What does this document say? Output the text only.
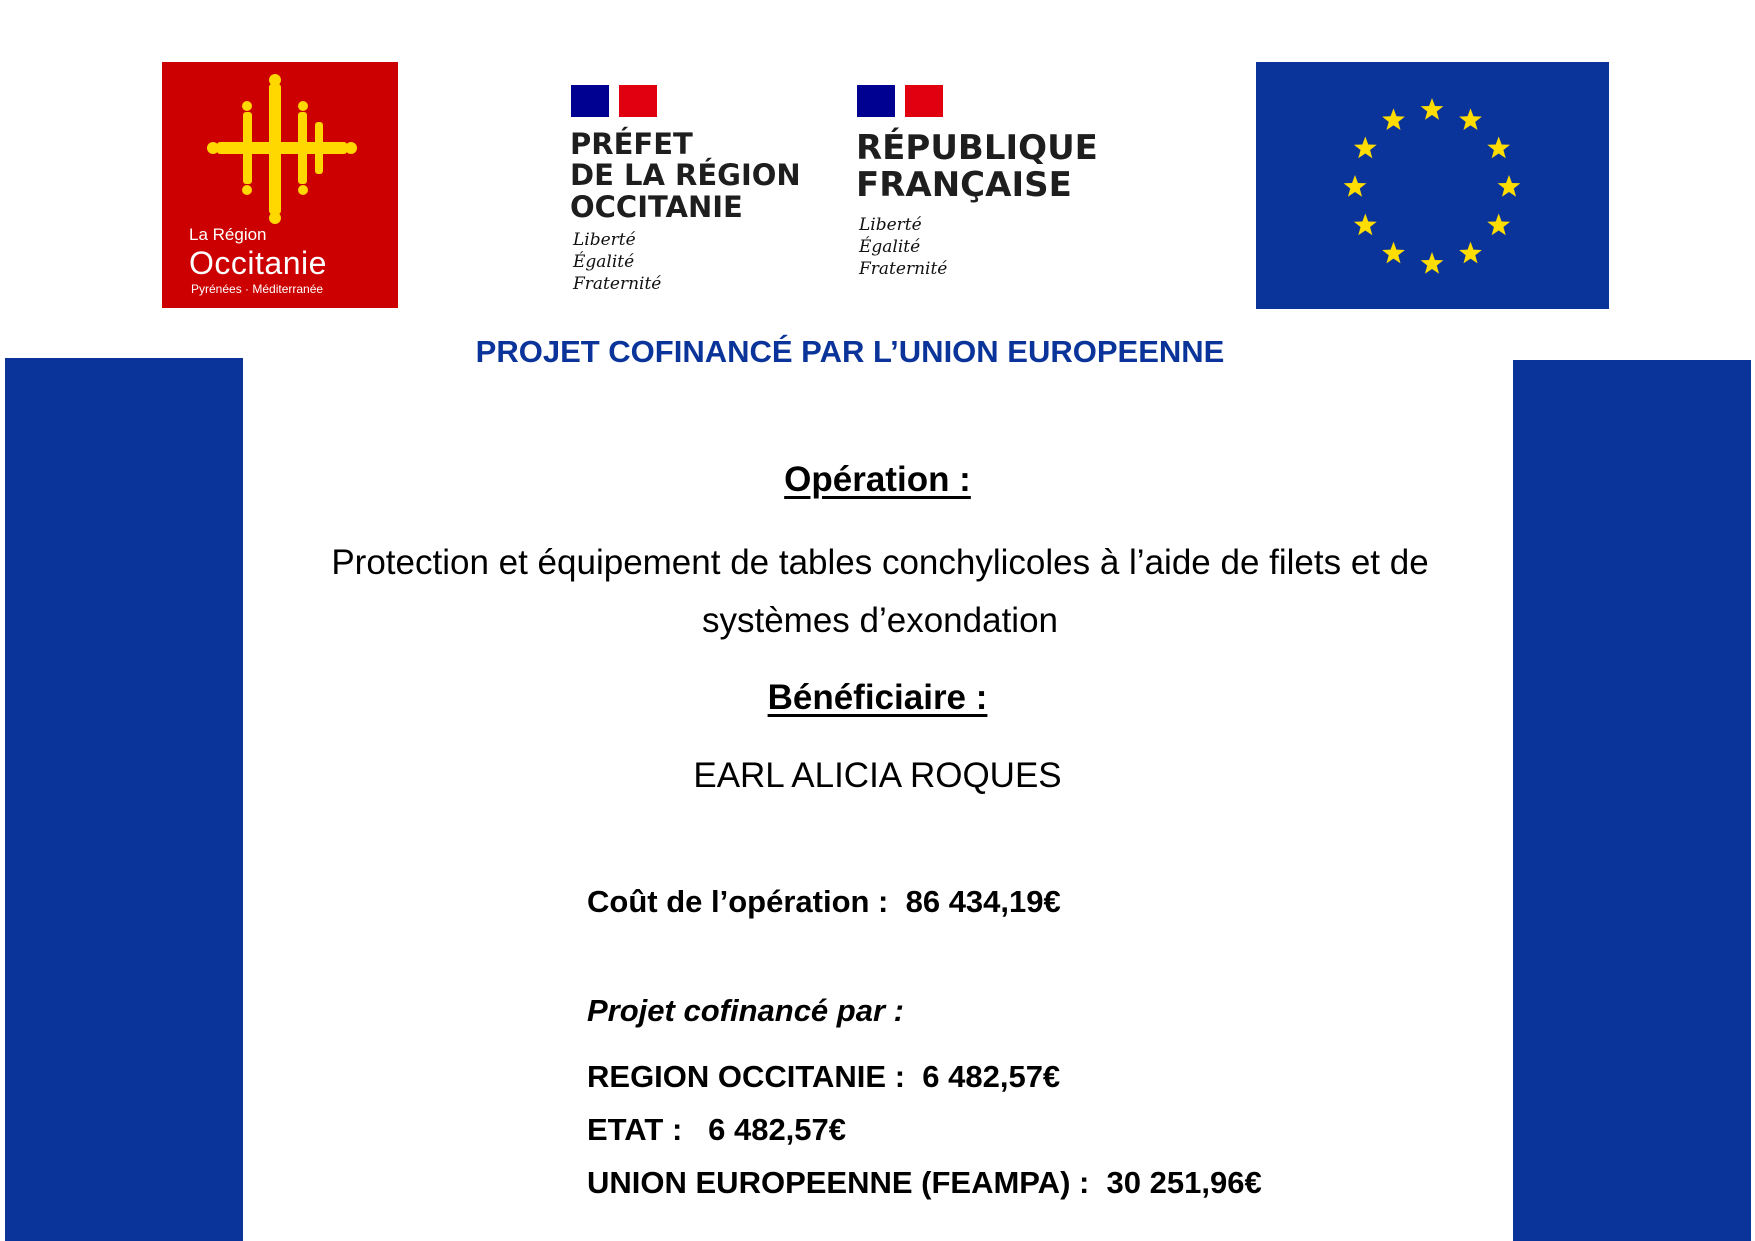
La Région
Occitanie
Pyrénées · Méditerranée
PRÉFET
DE LA RÉGION
OCCITANIE
Liberté
Égalité
Fraternité
RÉPUBLIQUE
FRANÇAISE
Liberté
Égalité
Fraternité
PROJET COFINANCÉ PAR L’UNION EUROPEENNE
Opération :
Protection et équipement de tables conchylicoles à l’aide de filets et de systèmes d’exondation
Bénéficiaire :
EARL ALICIA ROQUES
Coût de l’opération :  86 434,19€
Projet cofinancé par :
REGION OCCITANIE :  6 482,57€
ETAT :   6 482,57€
UNION EUROPEENNE (FEAMPA) :  30 251,96€
